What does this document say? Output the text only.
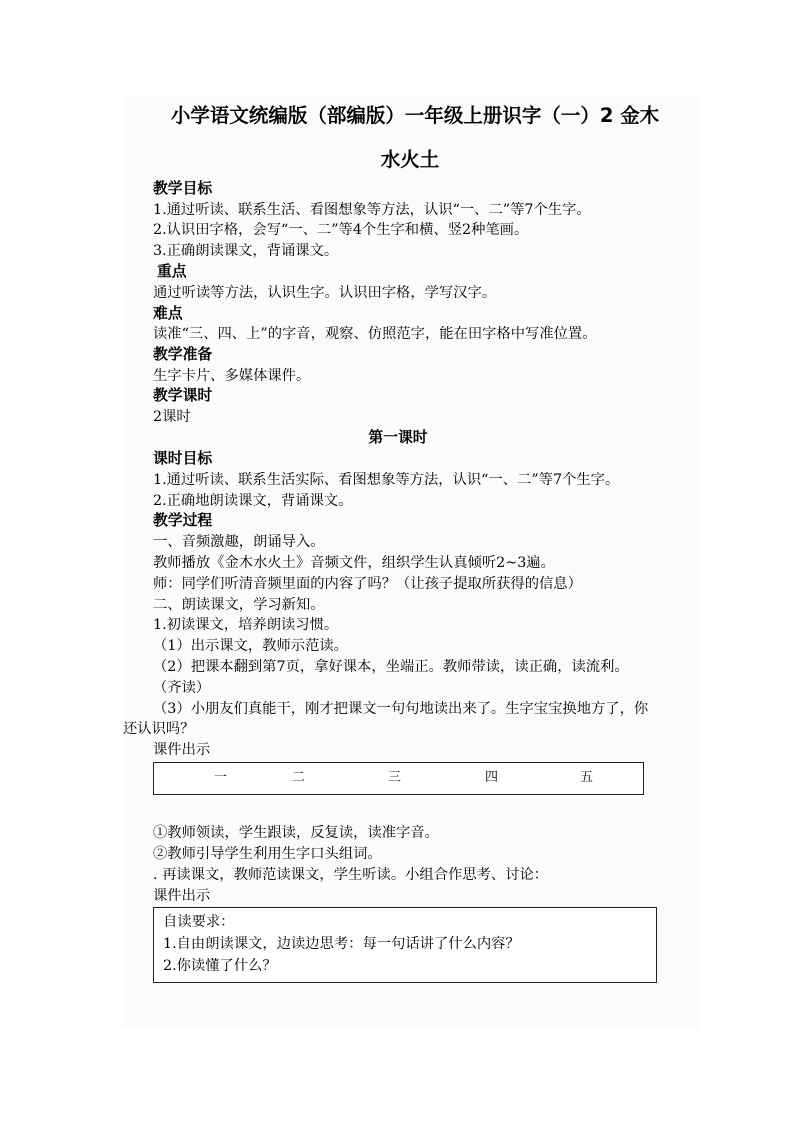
小学语文统编版（部编版）一年级上册识字（一）2 金木
水火土
教学目标
1.通过听读、联系生活、看图想象等方法，认识“一、二”等7个生字。
2.认识田字格，会写“一、二”等4个生字和横、竖2种笔画。
3.正确朗读课文，背诵课文。
重点
通过听读等方法，认识生字。认识田字格，学写汉字。
难点
读准“三、四、上”的字音，观察、仿照范字，能在田字格中写准位置。
教学准备
生字卡片、多媒体课件。
教学课时
2课时
第一课时
课时目标
1.通过听读、联系生活实际、看图想象等方法，认识“一、二”等7个生字。
2.正确地朗读课文，背诵课文。
教学过程
一、音频激趣，朗诵导入。
教师播放《金木水火土》音频文件，组织学生认真倾听2~3遍。
师：同学们听清音频里面的内容了吗？（让孩子提取所获得的信息）
二、朗读课文，学习新知。
1.初读课文，培养朗读习惯。
（1）出示课文，教师示范读。
（2）把课本翻到第7页，拿好课本，坐端正。教师带读，读正确，读流利。
（齐读）
（3）小朋友们真能干，刚才把课文一句句地读出来了。生字宝宝换地方了，你
还认识吗？
课件出示
一	二	三	四	五
①教师领读，学生跟读，反复读，读准字音。
②教师引导学生利用生字口头组词。
. 再读课文，教师范读课文，学生听读。小组合作思考、讨论：
课件出示
自读要求：
1.自由朗读课文，边读边思考：每一句话讲了什么内容？
2.你读懂了什么？
